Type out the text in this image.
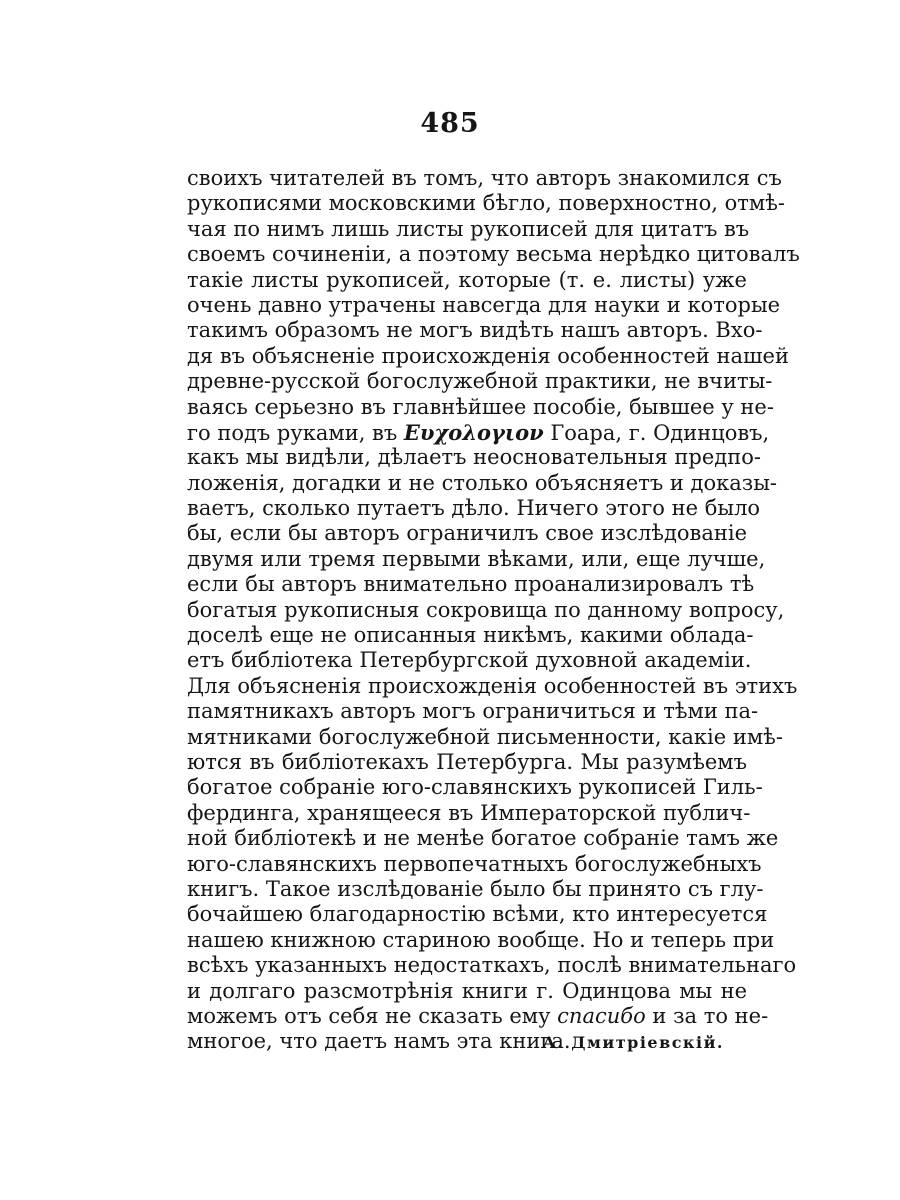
485
своихъ читателей въ томъ, что авторъ знакомился съ
рукописями московскими бѣгло, поверхностно, отмѣ-
чая по нимъ лишь листы рукописей для цитатъ въ
своемъ сочиненіи, а поэтому весьма нерѣдко цитовалъ
такіе листы рукописей, которые (т. е. листы) уже
очень давно утрачены навсегда для науки и которые
такимъ образомъ не могъ видѣть нашъ авторъ. Вхо-
дя въ объясненіе происхожденія особенностей нашей
древне-русской богослужебной практики, не вчиты-
ваясь серьезно въ главнѣйшее пособіе, бывшее у не-
го подъ руками, въ Ευχολογιον Гоара, г. Одинцовъ,
какъ мы видѣли, дѣлаетъ неосновательныя предпо-
ложенія, догадки и не столько объясняетъ и доказы-
ваетъ, сколько путаетъ дѣло. Ничего этого не было
бы, если бы авторъ ограничилъ свое изслѣдованіе
двумя или тремя первыми вѣками, или, еще лучше,
если бы авторъ внимательно проанализировалъ тѣ
богатыя рукописныя сокровища по данному вопросу,
доселѣ еще не описанныя никѣмъ, какими облада-
етъ библіотека Петербургской духовной академіи.
Для объясненія происхожденія особенностей въ этихъ
памятникахъ авторъ могъ ограничиться и тѣми па-
мятниками богослужебной письменности, какіе имѣ-
ются въ библіотекахъ Петербурга. Мы разумѣемъ
богатое собраніе юго-славянскихъ рукописей Гиль-
фердинга, хранящееся въ Императорской публич-
ной библіотекѣ и не менѣе богатое собраніе тамъ же
юго-славянскихъ первопечатныхъ богослужебныхъ
книгъ. Такое изслѣдованіе было бы принято съ глу-
бочайшею благодарностію всѣми, кто интересуется
нашею книжною стариною вообще. Но и теперь при
всѣхъ указанныхъ недостаткахъ, послѣ внимательнаго
и долгаго разсмотрѣнія книги г. Одинцова мы не
можемъ отъ себя не сказать ему спасибо и за то не-
многое, что даетъ намъ эта книга.
А. Дмитріевскій.
